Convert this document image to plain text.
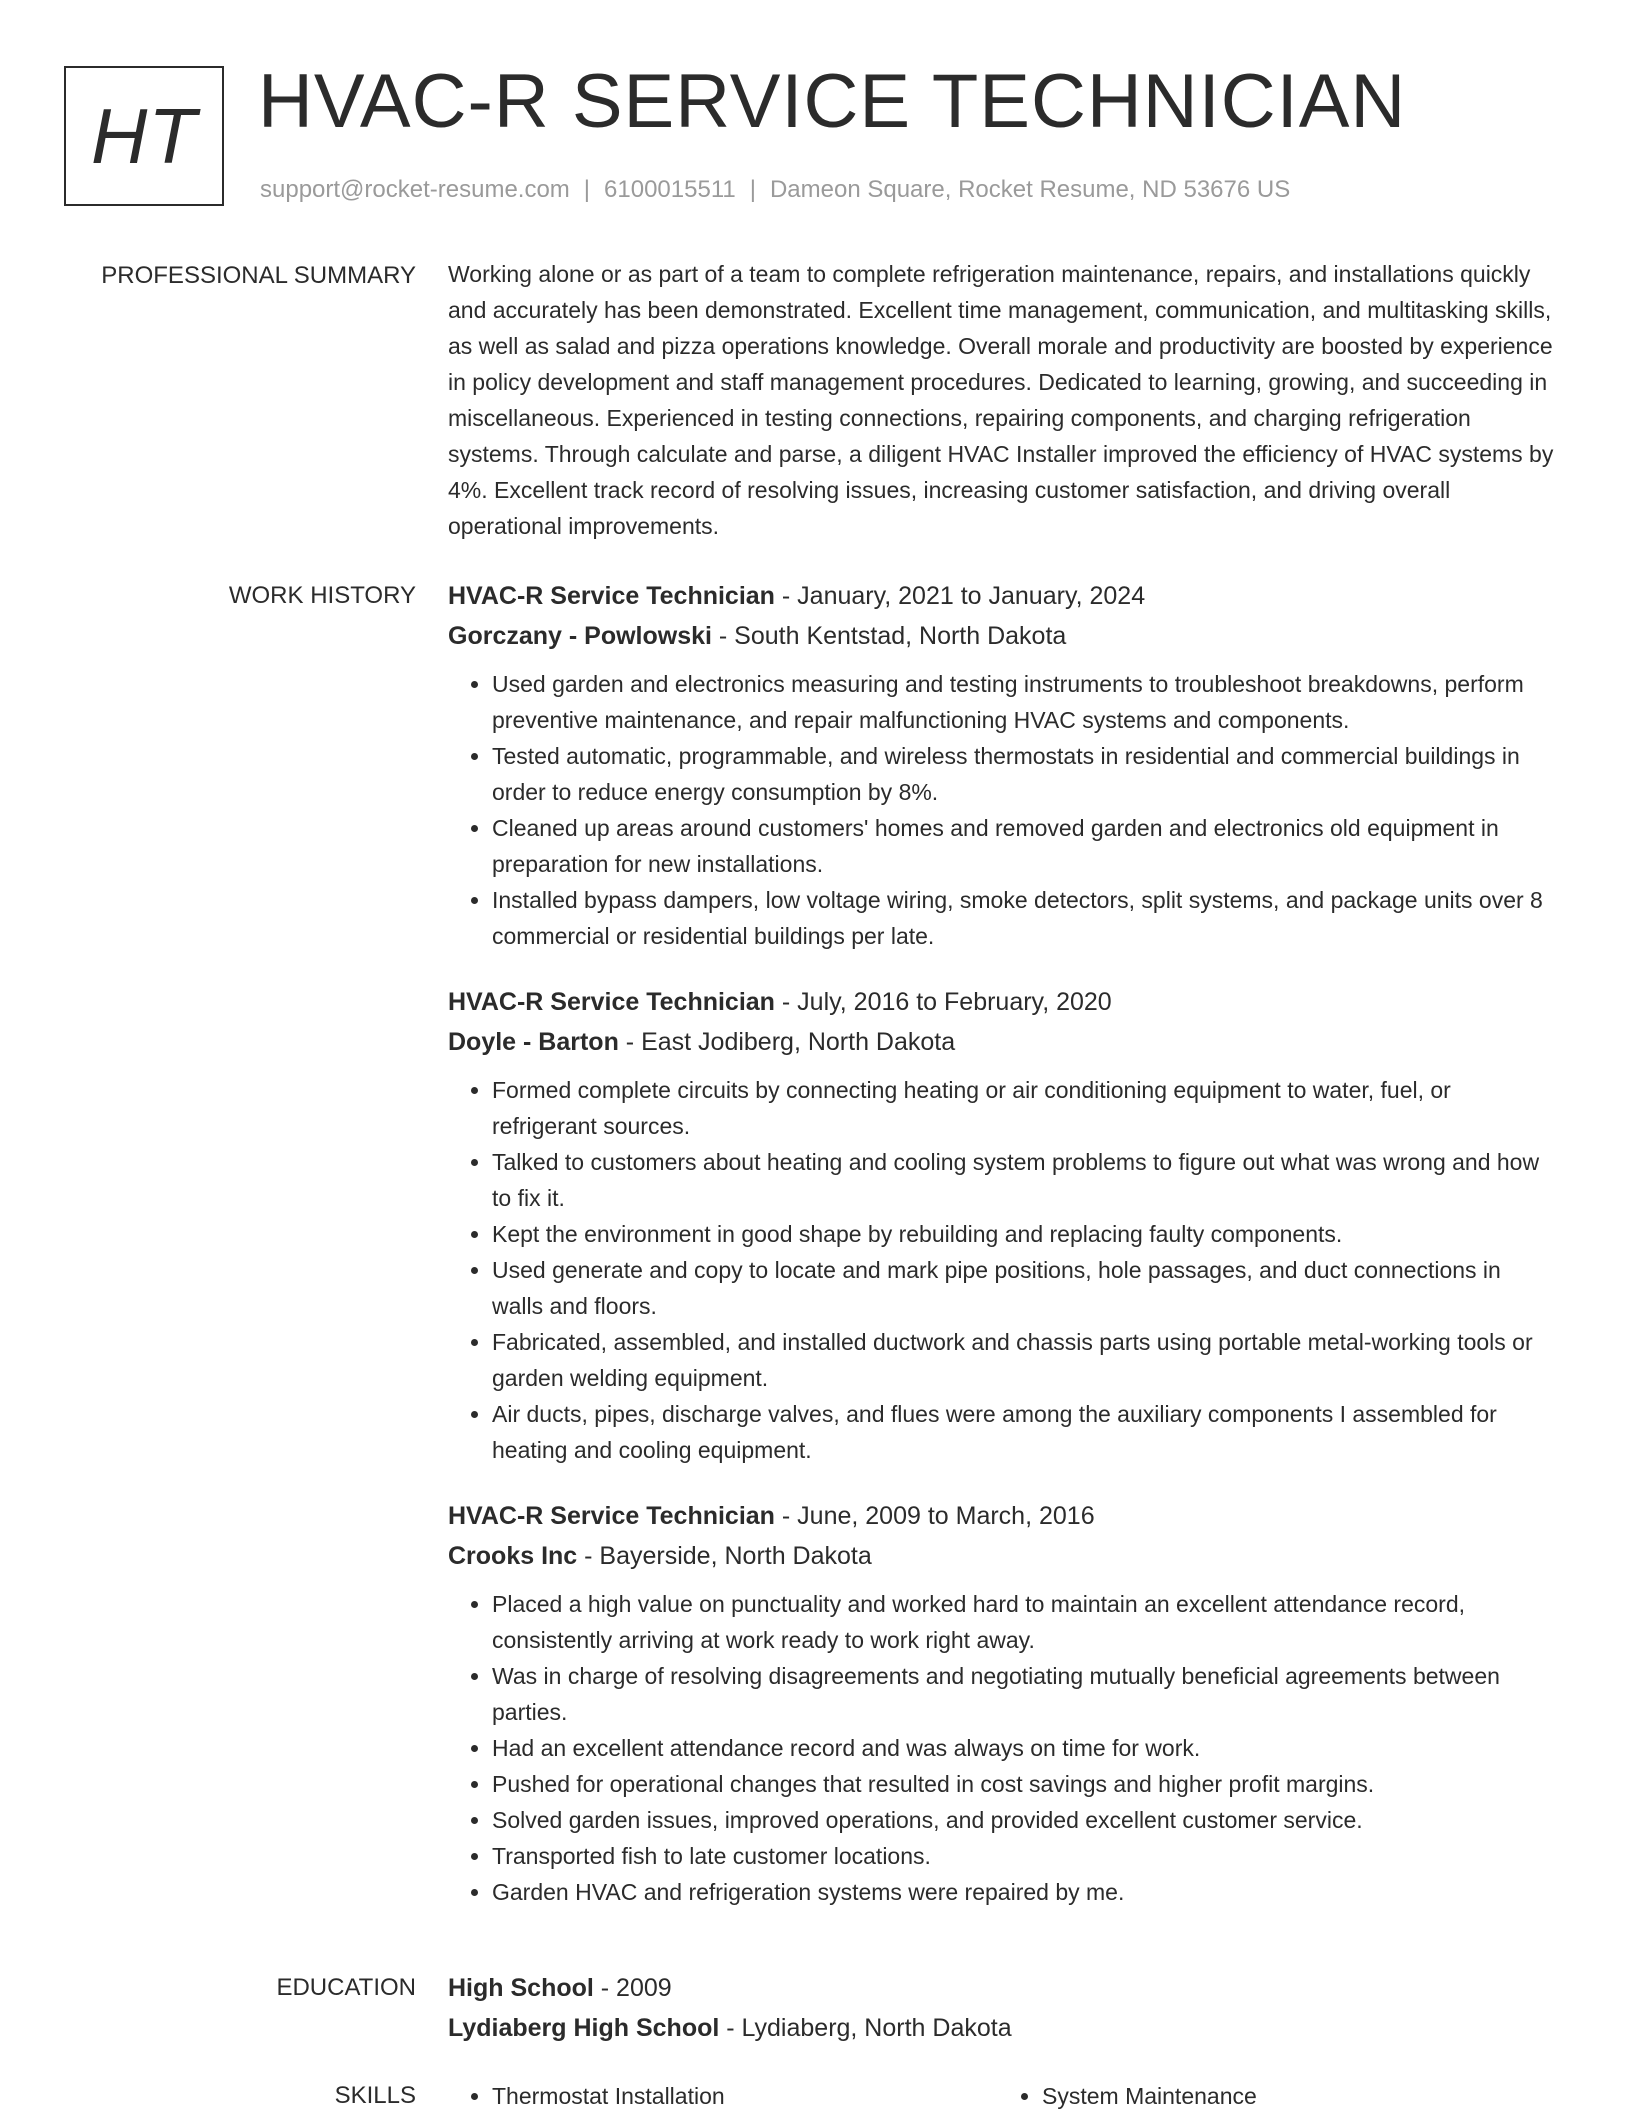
HT HVAC-R SERVICE TECHNICIAN
support@rocket-resume.com | 6100015511 | Dameon Square, Rocket Resume, ND 53676 US
PROFESSIONAL SUMMARY Working alone or as part of a team to complete refrigeration maintenance, repairs, and installations quickly and accurately has been demonstrated. Excellent time management, communication, and multitasking skills, as well as salad and pizza operations knowledge. Overall morale and productivity are boosted by experience in policy development and staff management procedures. Dedicated to learning, growing, and succeeding in miscellaneous. Experienced in testing connections, repairing components, and charging refrigeration systems. Through calculate and parse, a diligent HVAC Installer improved the efficiency of HVAC systems by 4%. Excellent track record of resolving issues, increasing customer satisfaction, and driving overall operational improvements.

WORK HISTORY HVAC-R Service Technician - January, 2021 to January, 2024
Gorczany - Powlowski - South Kentstad, North Dakota
• Used garden and electronics measuring and testing instruments to troubleshoot breakdowns, perform preventive maintenance, and repair malfunctioning HVAC systems and components.
• Tested automatic, programmable, and wireless thermostats in residential and commercial buildings in order to reduce energy consumption by 8%.
• Cleaned up areas around customers' homes and removed garden and electronics old equipment in preparation for new installations.
• Installed bypass dampers, low voltage wiring, smoke detectors, split systems, and package units over 8 commercial or residential buildings per late.
HVAC-R Service Technician - July, 2016 to February, 2020
Doyle - Barton - East Jodiberg, North Dakota
• Formed complete circuits by connecting heating or air conditioning equipment to water, fuel, or refrigerant sources.
• Talked to customers about heating and cooling system problems to figure out what was wrong and how to fix it.
• Kept the environment in good shape by rebuilding and replacing faulty components.
• Used generate and copy to locate and mark pipe positions, hole passages, and duct connections in walls and floors.
• Fabricated, assembled, and installed ductwork and chassis parts using portable metal-working tools or garden welding equipment.
• Air ducts, pipes, discharge valves, and flues were among the auxiliary components I assembled for heating and cooling equipment.
HVAC-R Service Technician - June, 2009 to March, 2016
Crooks Inc - Bayerside, North Dakota
• Placed a high value on punctuality and worked hard to maintain an excellent attendance record, consistently arriving at work ready to work right away.
• Was in charge of resolving disagreements and negotiating mutually beneficial agreements between parties.
• Had an excellent attendance record and was always on time for work.
• Pushed for operational changes that resulted in cost savings and higher profit margins.
• Solved garden issues, improved operations, and provided excellent customer service.
• Transported fish to late customer locations.
• Garden HVAC and refrigeration systems were repaired by me.
EDUCATION High School - 2009
Lydiaberg High School - Lydiaberg, North Dakota
SKILLS	• Thermostat Installation	• System Maintenance
